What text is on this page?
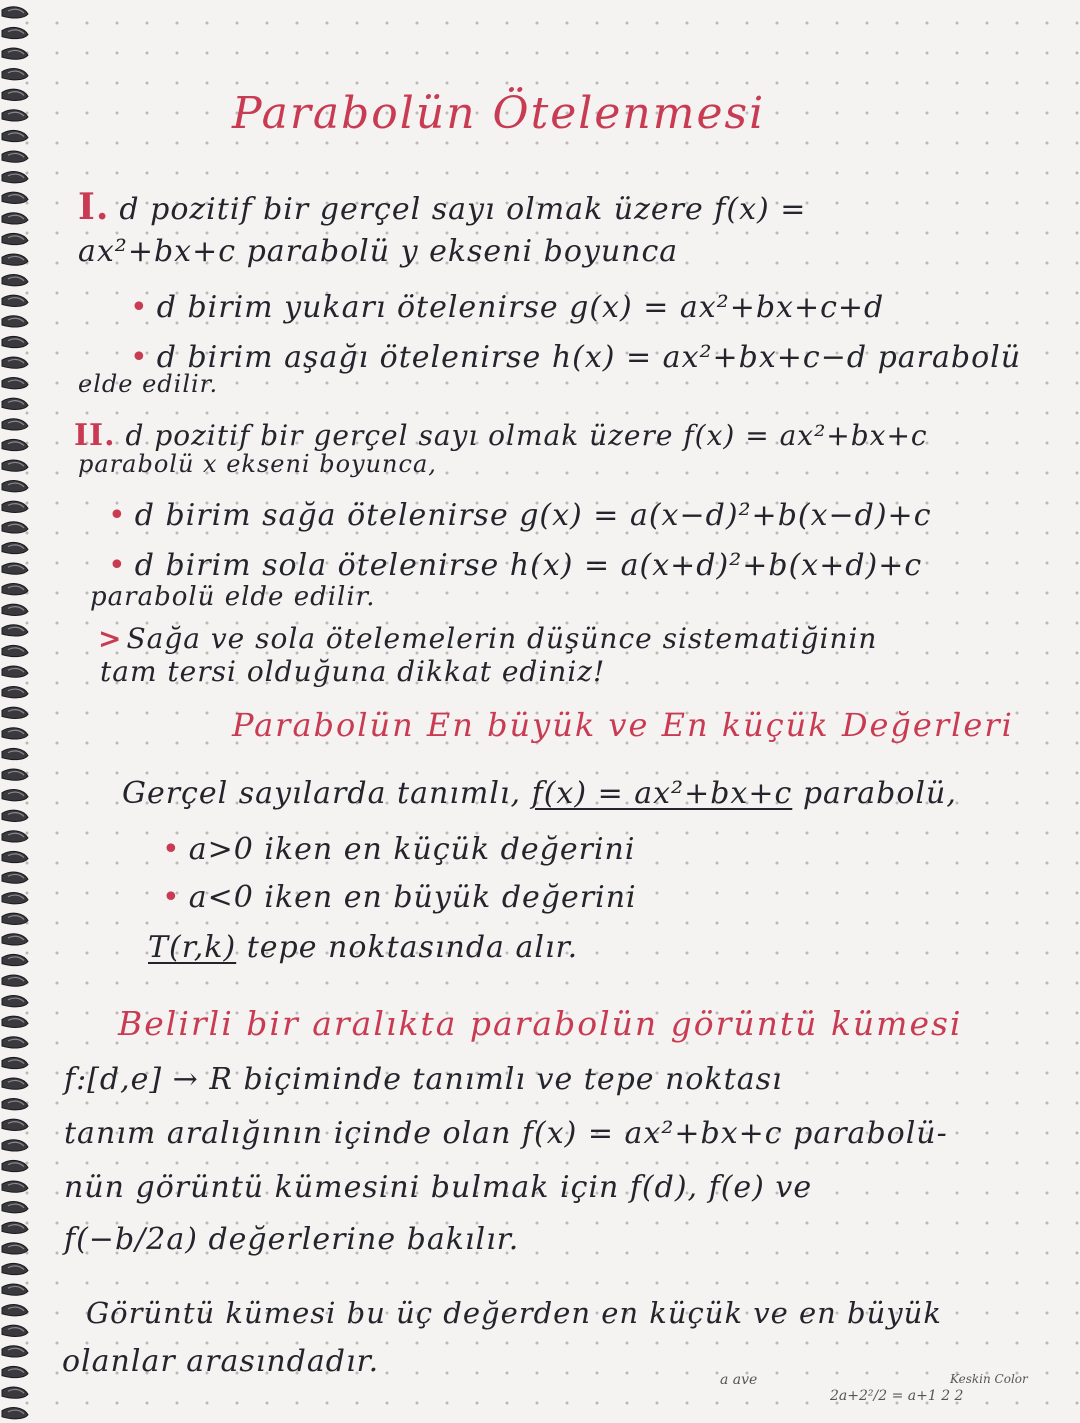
Parabolün Ötelenmesi
I. d pozitif bir gerçel sayı olmak üzere f(x) =
ax²+bx+c parabolü y ekseni boyunca
• d birim yukarı ötelenirse g(x) = ax²+bx+c+d
• d birim aşağı ötelenirse h(x) = ax²+bx+c−d parabolü
elde edilir.
II. d pozitif bir gerçel sayı olmak üzere f(x) = ax²+bx+c
parabolü x ekseni boyunca,
• d birim sağa ötelenirse g(x) = a(x−d)²+b(x−d)+c
• d birim sola ötelenirse h(x) = a(x+d)²+b(x+d)+c
parabolü elde edilir.
> Sağa ve sola ötelemelerin düşünce sistematiğinin
tam tersi olduğuna dikkat ediniz!
Parabolün En büyük ve En küçük Değerleri
Gerçel sayılarda tanımlı, f(x) = ax²+bx+c parabolü,
• a>0 iken en küçük değerini
• a<0 iken en büyük değerini
T(r,k) tepe noktasında alır.
Belirli bir aralıkta parabolün görüntü kümesi
f:[d,e] → R biçiminde tanımlı ve tepe noktası
tanım aralığının içinde olan f(x) = ax²+bx+c parabolü-
nün görüntü kümesini bulmak için f(d), f(e) ve
f(−b/2a) değerlerine bakılır.
Görüntü kümesi bu üç değerden en küçük ve en büyük
olanlar arasındadır.
a ave
2a+2²/2 = a+1 2 2
Keskin Color
